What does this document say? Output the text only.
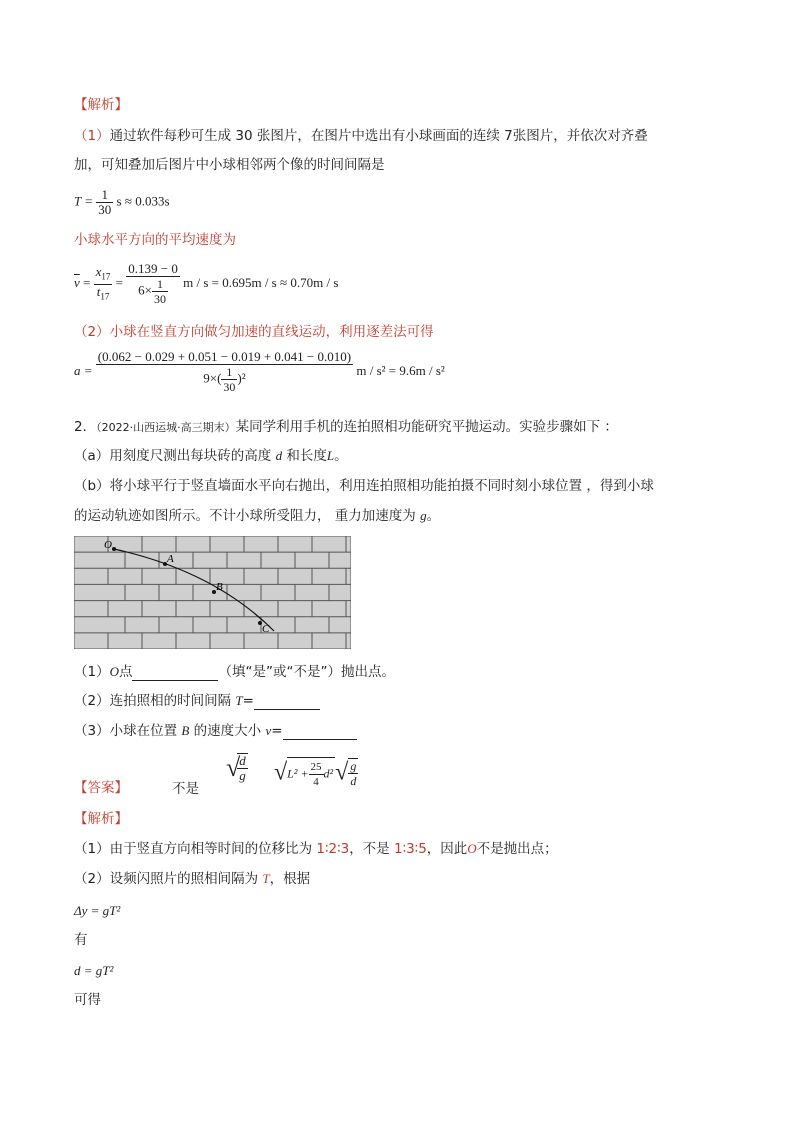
【解析】
（1）通过软件每秒可生成 30 张图片，在图片中选出有小球画面的连续 7张图片，并依次对齐叠
加，可知叠加后图片中小球相邻两个像的时间间隔是
$T = \frac{1}{30}$ s ≈ 0.033s
小球水平方向的平均速度为
$\overline{v} = \frac{x_{17}}{t_{17}} = \frac{0.139 - 0}{6\times \frac{1}{30}}$ m / s = 0.695m / s ≈ 0.70m / s
（2）小球在竖直方向做匀加速的直线运动，利用逐差法可得
$a = \frac{(0.062 - 0.029 + 0.051 - 0.019 + 0.041 - 0.010)}{9\times( \frac{1}{30} )^2}$ m / s² = 9.6m / s²
2．（2022·山西运城·高三期末）某同学利用手机的连拍照相功能研究平抛运动。实验步骤如下 ：
（a）用刻度尺测出每块砖的高度 d 和长度L。
（b）将小球平行于竖直墙面水平向右抛出，利用连拍照相功能拍摄不同时刻小球位置 ，得到小球
的运动轨迹如图所示。不计小球所受阻力， 重力加速度为 g。
O
A
B
C
（1）O点	（填“是”或“不是”）抛出点。
（2）连拍照相的时间间隔 T=
（3）小球在位置 B 的速度大小 v=
【答案】	不是
√
$\frac{d}{g} √L^2 + \frac{25}{4} d^2√ \frac{g}{d}$
【解析】
（1）由于竖直方向相等时间的位移比为 1∶2∶3，不是 1∶3∶5，因此O不是抛出点；
（2）设频闪照片的照相间隔为 T，根据
Δy = gT²
有
d = gT²
可得
